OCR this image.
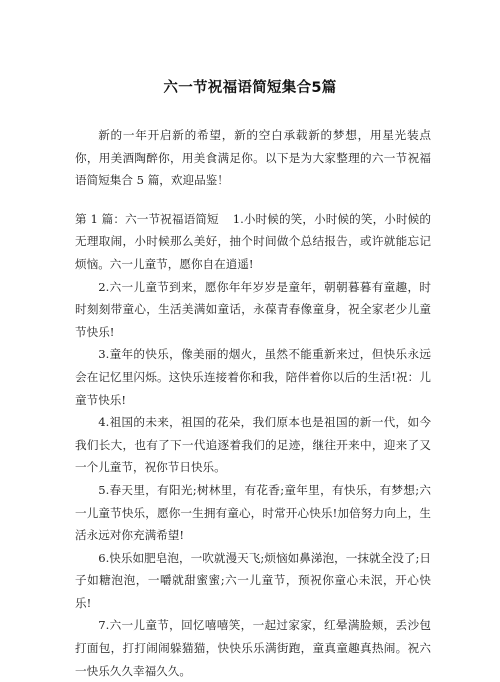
六一节祝福语简短集合5篇

新的一年开启新的希望，新的空白承载新的梦想，用星光装点你，用美酒陶醉你，用美食满足你。以下是为大家整理的六一节祝福语简短集合 5 篇，欢迎品鉴！

第 1 篇：六一节祝福语简短 1.小时候的笑，小时候的笑，小时候的无理取闹，小时候那么美好，抽个时间做个总结报告，或许就能忘记烦恼。六一儿童节，愿你自在逍遥!

2.六一儿童节到来，愿你年年岁岁是童年，朝朝暮暮有童趣，时时刻刻带童心，生活美满如童话，永葆青春像童身，祝全家老少儿童节快乐!

3.童年的快乐，像美丽的烟火，虽然不能重新来过，但快乐永远会在记忆里闪烁。这快乐连接着你和我，陪伴着你以后的生活!祝：儿童节快乐!

4.祖国的未来，祖国的花朵，我们原本也是祖国的新一代，如今我们长大，也有了下一代追逐着我们的足迹，继往开来中，迎来了又一个儿童节，祝你节日快乐。

5.春天里，有阳光;树林里，有花香;童年里，有快乐，有梦想;六一儿童节快乐，愿你一生拥有童心，时常开心快乐!加倍努力向上，生活永远对你充满希望!

6.快乐如肥皂泡，一吹就漫天飞;烦恼如鼻涕泡，一抹就全没了;日子如糖泡泡，一嚼就甜蜜蜜;六一儿童节，预祝你童心未泯，开心快乐!

7.六一儿童节，回忆嘻嘻笑，一起过家家，红晕满脸颊，丢沙包打面包，打打闹闹躲猫猫，快快乐乐满街跑，童真童趣真热闹。祝六一快乐久久幸福久久。
